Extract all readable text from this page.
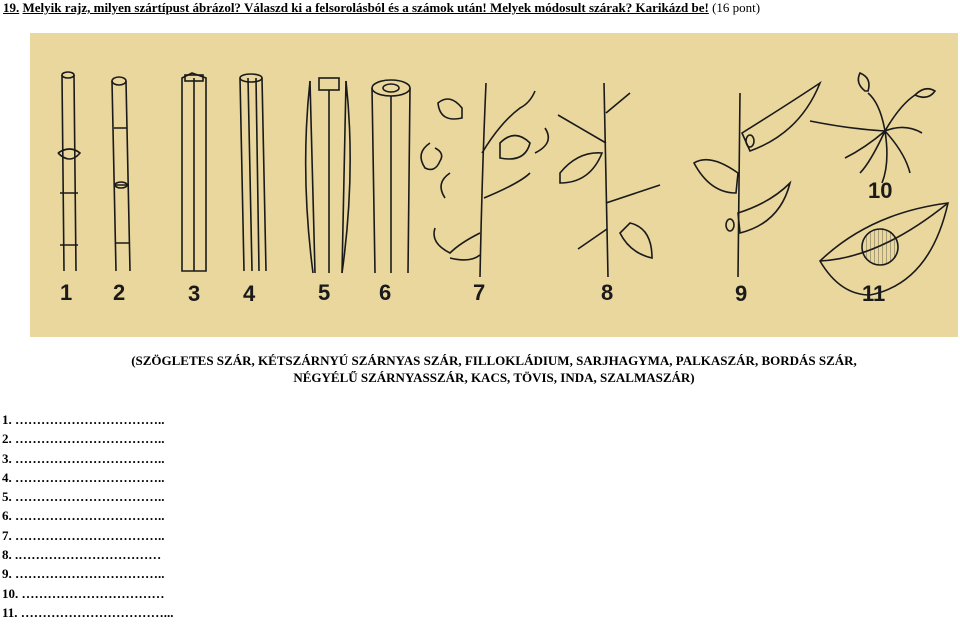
19. Melyik rajz, milyen szártípust ábrázol? Válaszd ki a felsorolásból és a számok után! Melyek módosult szárak? Karikázd be! (16 pont)
1 2	3 4	5 6	7	8	9
10
11
(SZÖGLETES SZÁR, KÉTSZÁRNYÚ SZÁRNYAS SZÁR, FILLOKLÁDIUM, SARJHAGYMA, PALKASZÁR, BORDÁS SZÁR,
NÉGYÉLŰ SZÁRNYASSZÁR, KACS, TÖVIS, INDA, SZALMASZÁR)
1. ……………………………..
2. ……………………………..
3. ……………………………..
4. ……………………………..
5. ……………………………..
6. ……………………………..
7. ……………………………..
8. .……………………………
9. ……………………………..
10. ……………………………
11. ……………………………...
